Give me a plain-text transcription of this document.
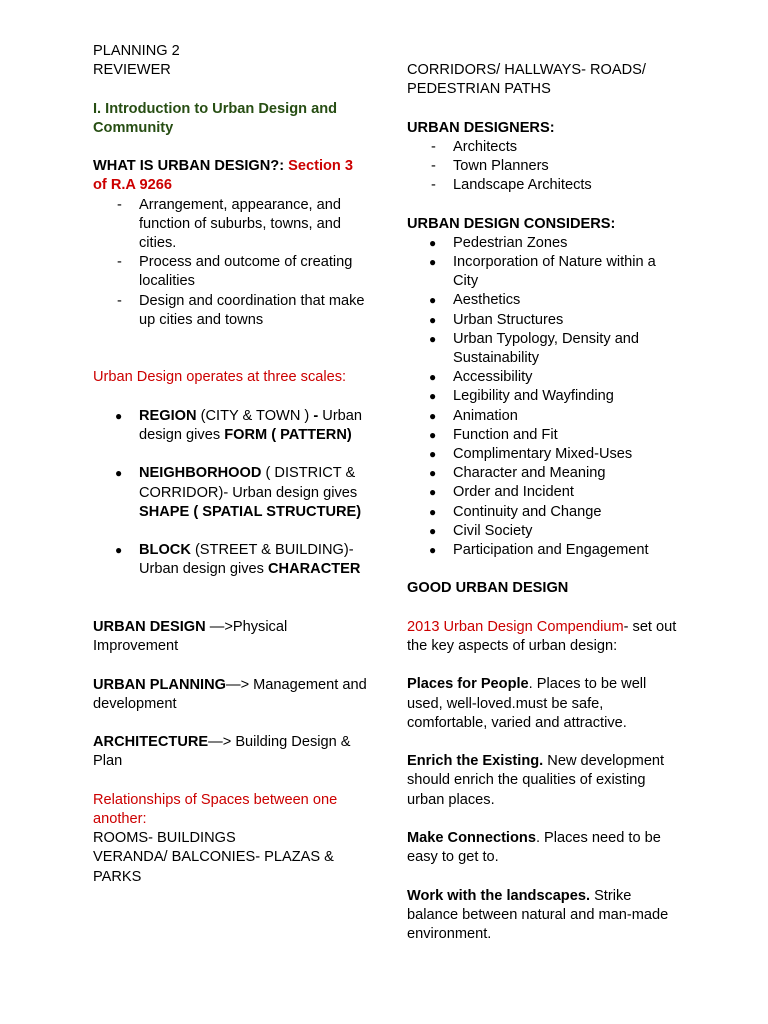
PLANNING 2

REVIEWER

I. Introduction to Urban Design and Community

WHAT IS URBAN DESIGN?: Section 3 of R.A 9266

- Arrangement, appearance, and function of suburbs, towns, and cities.
- Process and outcome of creating localities
- Design and coordination that make up cities and towns

Urban Design operates at three scales:

● REGION (CITY & TOWN ) - Urban design gives FORM ( PATTERN)
● NEIGHBORHOOD ( DISTRICT & CORRIDOR)- Urban design gives SHAPE ( SPATIAL STRUCTURE)
● BLOCK (STREET & BUILDING)- Urban design gives CHARACTER

URBAN DESIGN —>Physical Improvement

URBAN PLANNING—> Management and development

ARCHITECTURE—> Building Design & Plan

Relationships of Spaces between one another:

ROOMS- BUILDINGS

VERANDA/ BALCONIES- PLAZAS & PARKS

CORRIDORS/ HALLWAYS- ROADS/ PEDESTRIAN PATHS

URBAN DESIGNERS:

- Architects
- Town Planners
- Landscape Architects

URBAN DESIGN CONSIDERS:

● Pedestrian Zones
● Incorporation of Nature within a City
● Aesthetics
● Urban Structures
● Urban Typology, Density and Sustainability
● Accessibility
● Legibility and Wayfinding
● Animation
● Function and Fit
● Complimentary Mixed-Uses
● Character and Meaning
● Order and Incident
● Continuity and Change
● Civil Society
● Participation and Engagement

GOOD URBAN DESIGN

2013 Urban Design Compendium- set out the key aspects of urban design:

Places for People. Places to be well used, well-loved.must be safe, comfortable, varied and attractive.

Enrich the Existing. New development should enrich the qualities of existing urban places.

Make Connections. Places need to be easy to get to.

Work with the landscapes. Strike balance between natural and man-made environment.
